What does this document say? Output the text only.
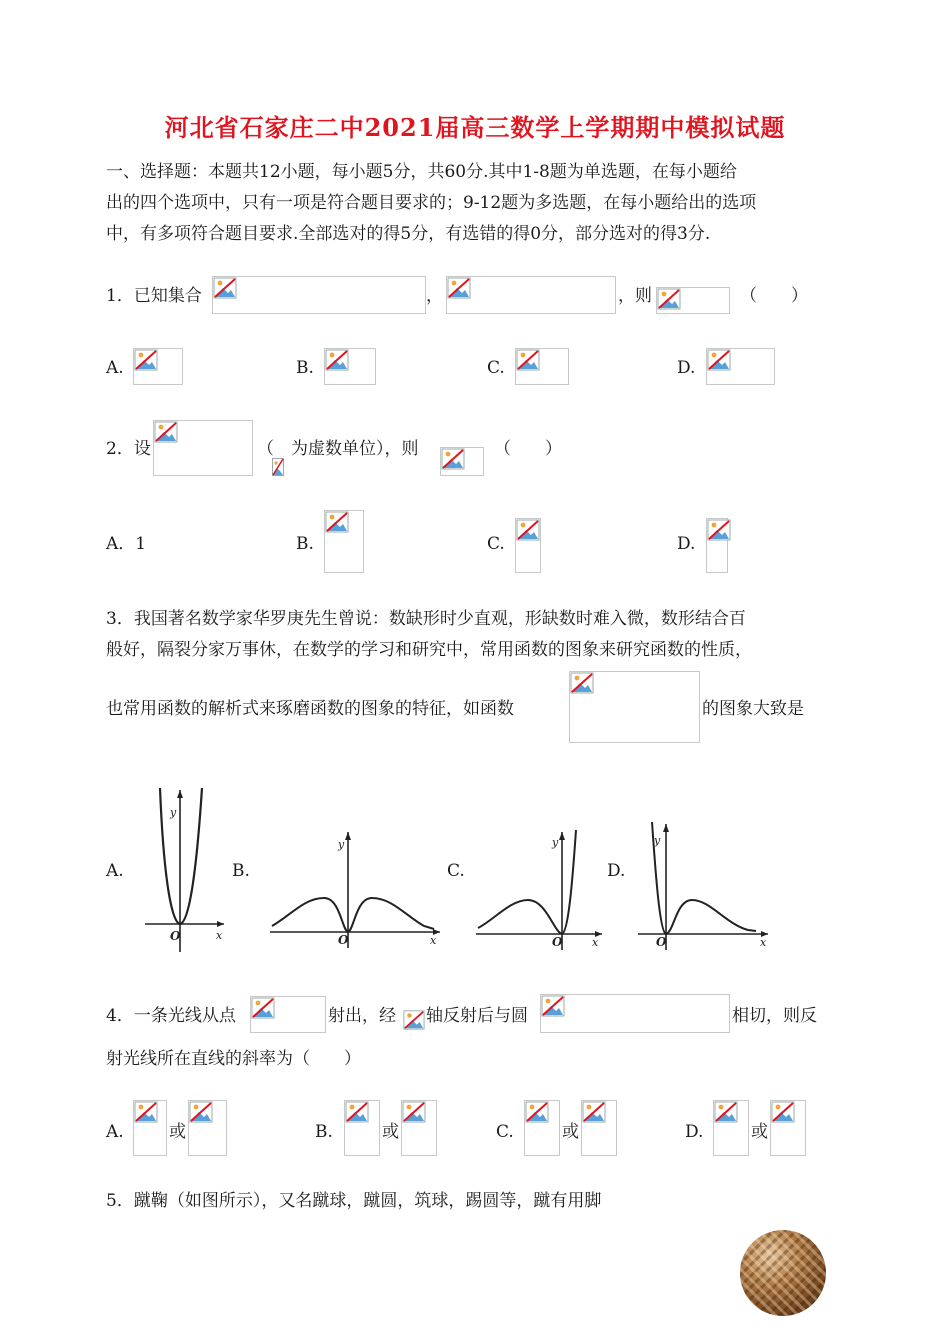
河北省石家庄二中2021届高三数学上学期期中模拟试题
一、选择题：本题共12小题，每小题5分，共60分.其中1-8题为单选题，在每小题给
出的四个选项中，只有一项是符合题目要求的；9-12题为多选题，在每小题给出的选项
中，有多项符合题目要求.全部选对的得5分，有选错的得0分，部分选对的得3分.
1．已知集合	，	，则	（　　）
A.	B.	C.	D.
2．设	（　为虚数单位），则	（　　）
A．1	B.	C.	D.
3．我国著名数学家华罗庚先生曾说：数缺形时少直观，形缺数时难入微，数形结合百
般好，隔裂分家万事休，在数学的学习和研究中，常用函数的图象来研究函数的性质，
也常用函数的解析式来琢磨函数的图象的特征，如函数	的图象大致是
A.
y
x
O
B.
y
x
O
C.
y
x
O
D.
y
x
O
4．一条光线从点	射出，经 轴反射后与圆	相切，则反
射光线所在直线的斜率为（　　）
A.	或	B.	或	C.	或	D.	或
5．蹴鞠（如图所示），又名蹴球，蹴圆，筑球，踢圆等，蹴有用脚
